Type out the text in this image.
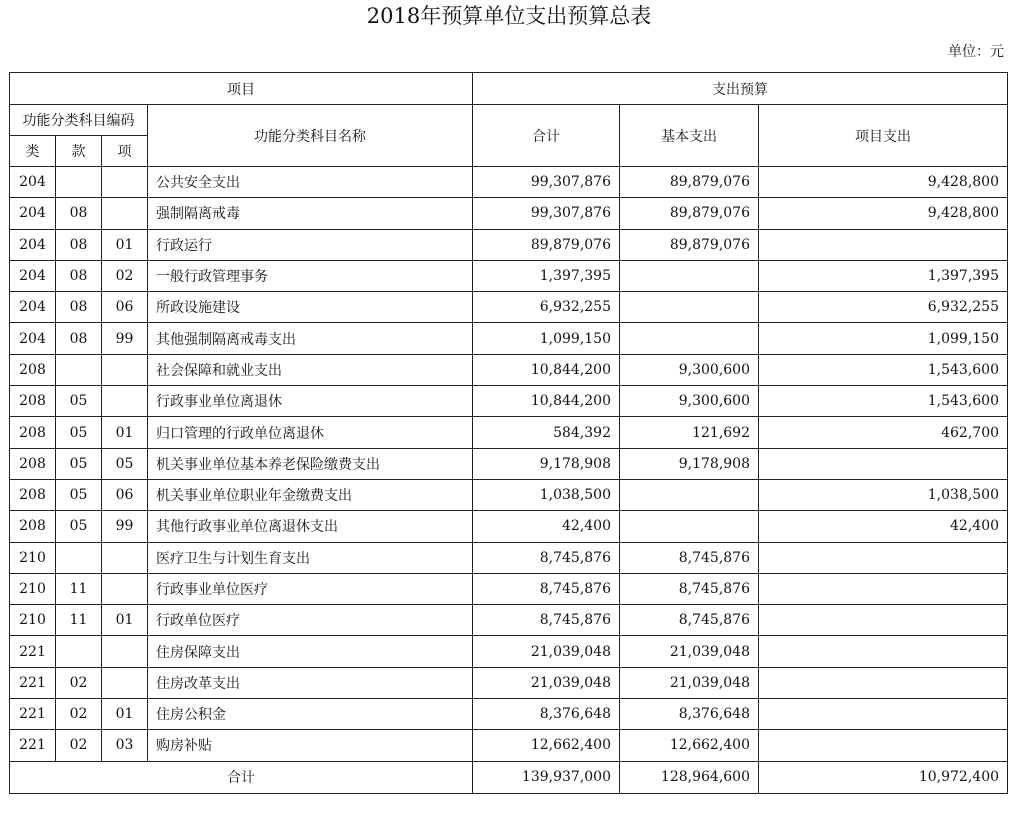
2018年预算单位支出预算总表
单位：元
项目				支出预算		
功能分类科目编码			功能分类科目名称	合计	基本支出	项目支出
类	款	项				
204			公共安全支出	99,307,876	89,879,076	9,428,800
204	08		强制隔离戒毒	99,307,876	89,879,076	9,428,800
204	08	01	行政运行	89,879,076	89,879,076	
204	08	02	一般行政管理事务	1,397,395		1,397,395
204	08	06	所政设施建设	6,932,255		6,932,255
204	08	99	其他强制隔离戒毒支出	1,099,150		1,099,150
208			社会保障和就业支出	10,844,200	9,300,600	1,543,600
208	05		行政事业单位离退休	10,844,200	9,300,600	1,543,600
208	05	01	归口管理的行政单位离退休	584,392	121,692	462,700
208	05	05	机关事业单位基本养老保险缴费支出	9,178,908	9,178,908	
208	05	06	机关事业单位职业年金缴费支出	1,038,500		1,038,500
208	05	99	其他行政事业单位离退休支出	42,400		42,400
210			医疗卫生与计划生育支出	8,745,876	8,745,876	
210	11		行政事业单位医疗	8,745,876	8,745,876	
210	11	01	行政单位医疗	8,745,876	8,745,876	
221			住房保障支出	21,039,048	21,039,048	
221	02		住房改革支出	21,039,048	21,039,048	
221	02	01	住房公积金	8,376,648	8,376,648	
221	02	03	购房补贴	12,662,400	12,662,400	
合计				139,937,000	128,964,600	10,972,400
